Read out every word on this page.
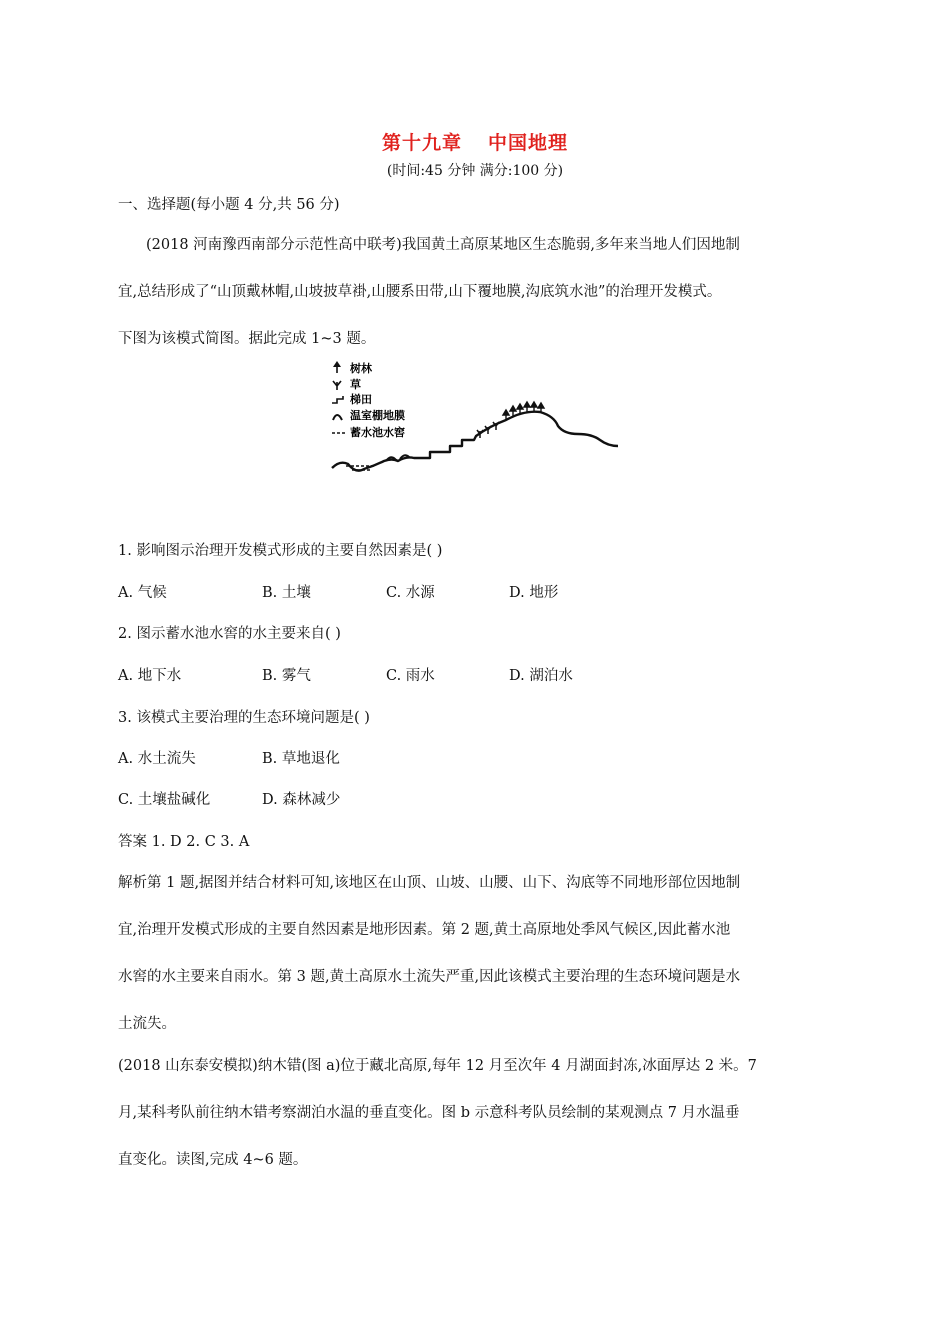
第十九章 中国地理
(时间:45 分钟 满分:100 分)
一、选择题(每小题 4 分,共 56 分)
(2018 河南豫西南部分示范性高中联考)我国黄土高原某地区生态脆弱,多年来当地人们因地制
宜,总结形成了“山顶戴林帽,山坡披草褂,山腰系田带,山下覆地膜,沟底筑水池”的治理开发模式。
下图为该模式简图。据此完成 1~3 题。
树林
草
梯田
温室棚地膜
蓄水池水窖
1. 影响图示治理开发模式形成的主要自然因素是( )
A. 气候	B. 土壤	C. 水源	D. 地形
2. 图示蓄水池水窖的水主要来自( )
A. 地下水	B. 雾气	C. 雨水	D. 湖泊水
3. 该模式主要治理的生态环境问题是( )
A. 水土流失	B. 草地退化
C. 土壤盐碱化	D. 森林减少
答案 1. D 2. C 3. A
解析第 1 题,据图并结合材料可知,该地区在山顶、山坡、山腰、山下、沟底等不同地形部位因地制
宜,治理开发模式形成的主要自然因素是地形因素。第 2 题,黄土高原地处季风气候区,因此蓄水池
水窖的水主要来自雨水。第 3 题,黄土高原水土流失严重,因此该模式主要治理的生态环境问题是水
土流失。
(2018 山东泰安模拟)纳木错(图 a)位于藏北高原,每年 12 月至次年 4 月湖面封冻,冰面厚达 2 米。7
月,某科考队前往纳木错考察湖泊水温的垂直变化。图 b 示意科考队员绘制的某观测点 7 月水温垂
直变化。读图,完成 4~6 题。
